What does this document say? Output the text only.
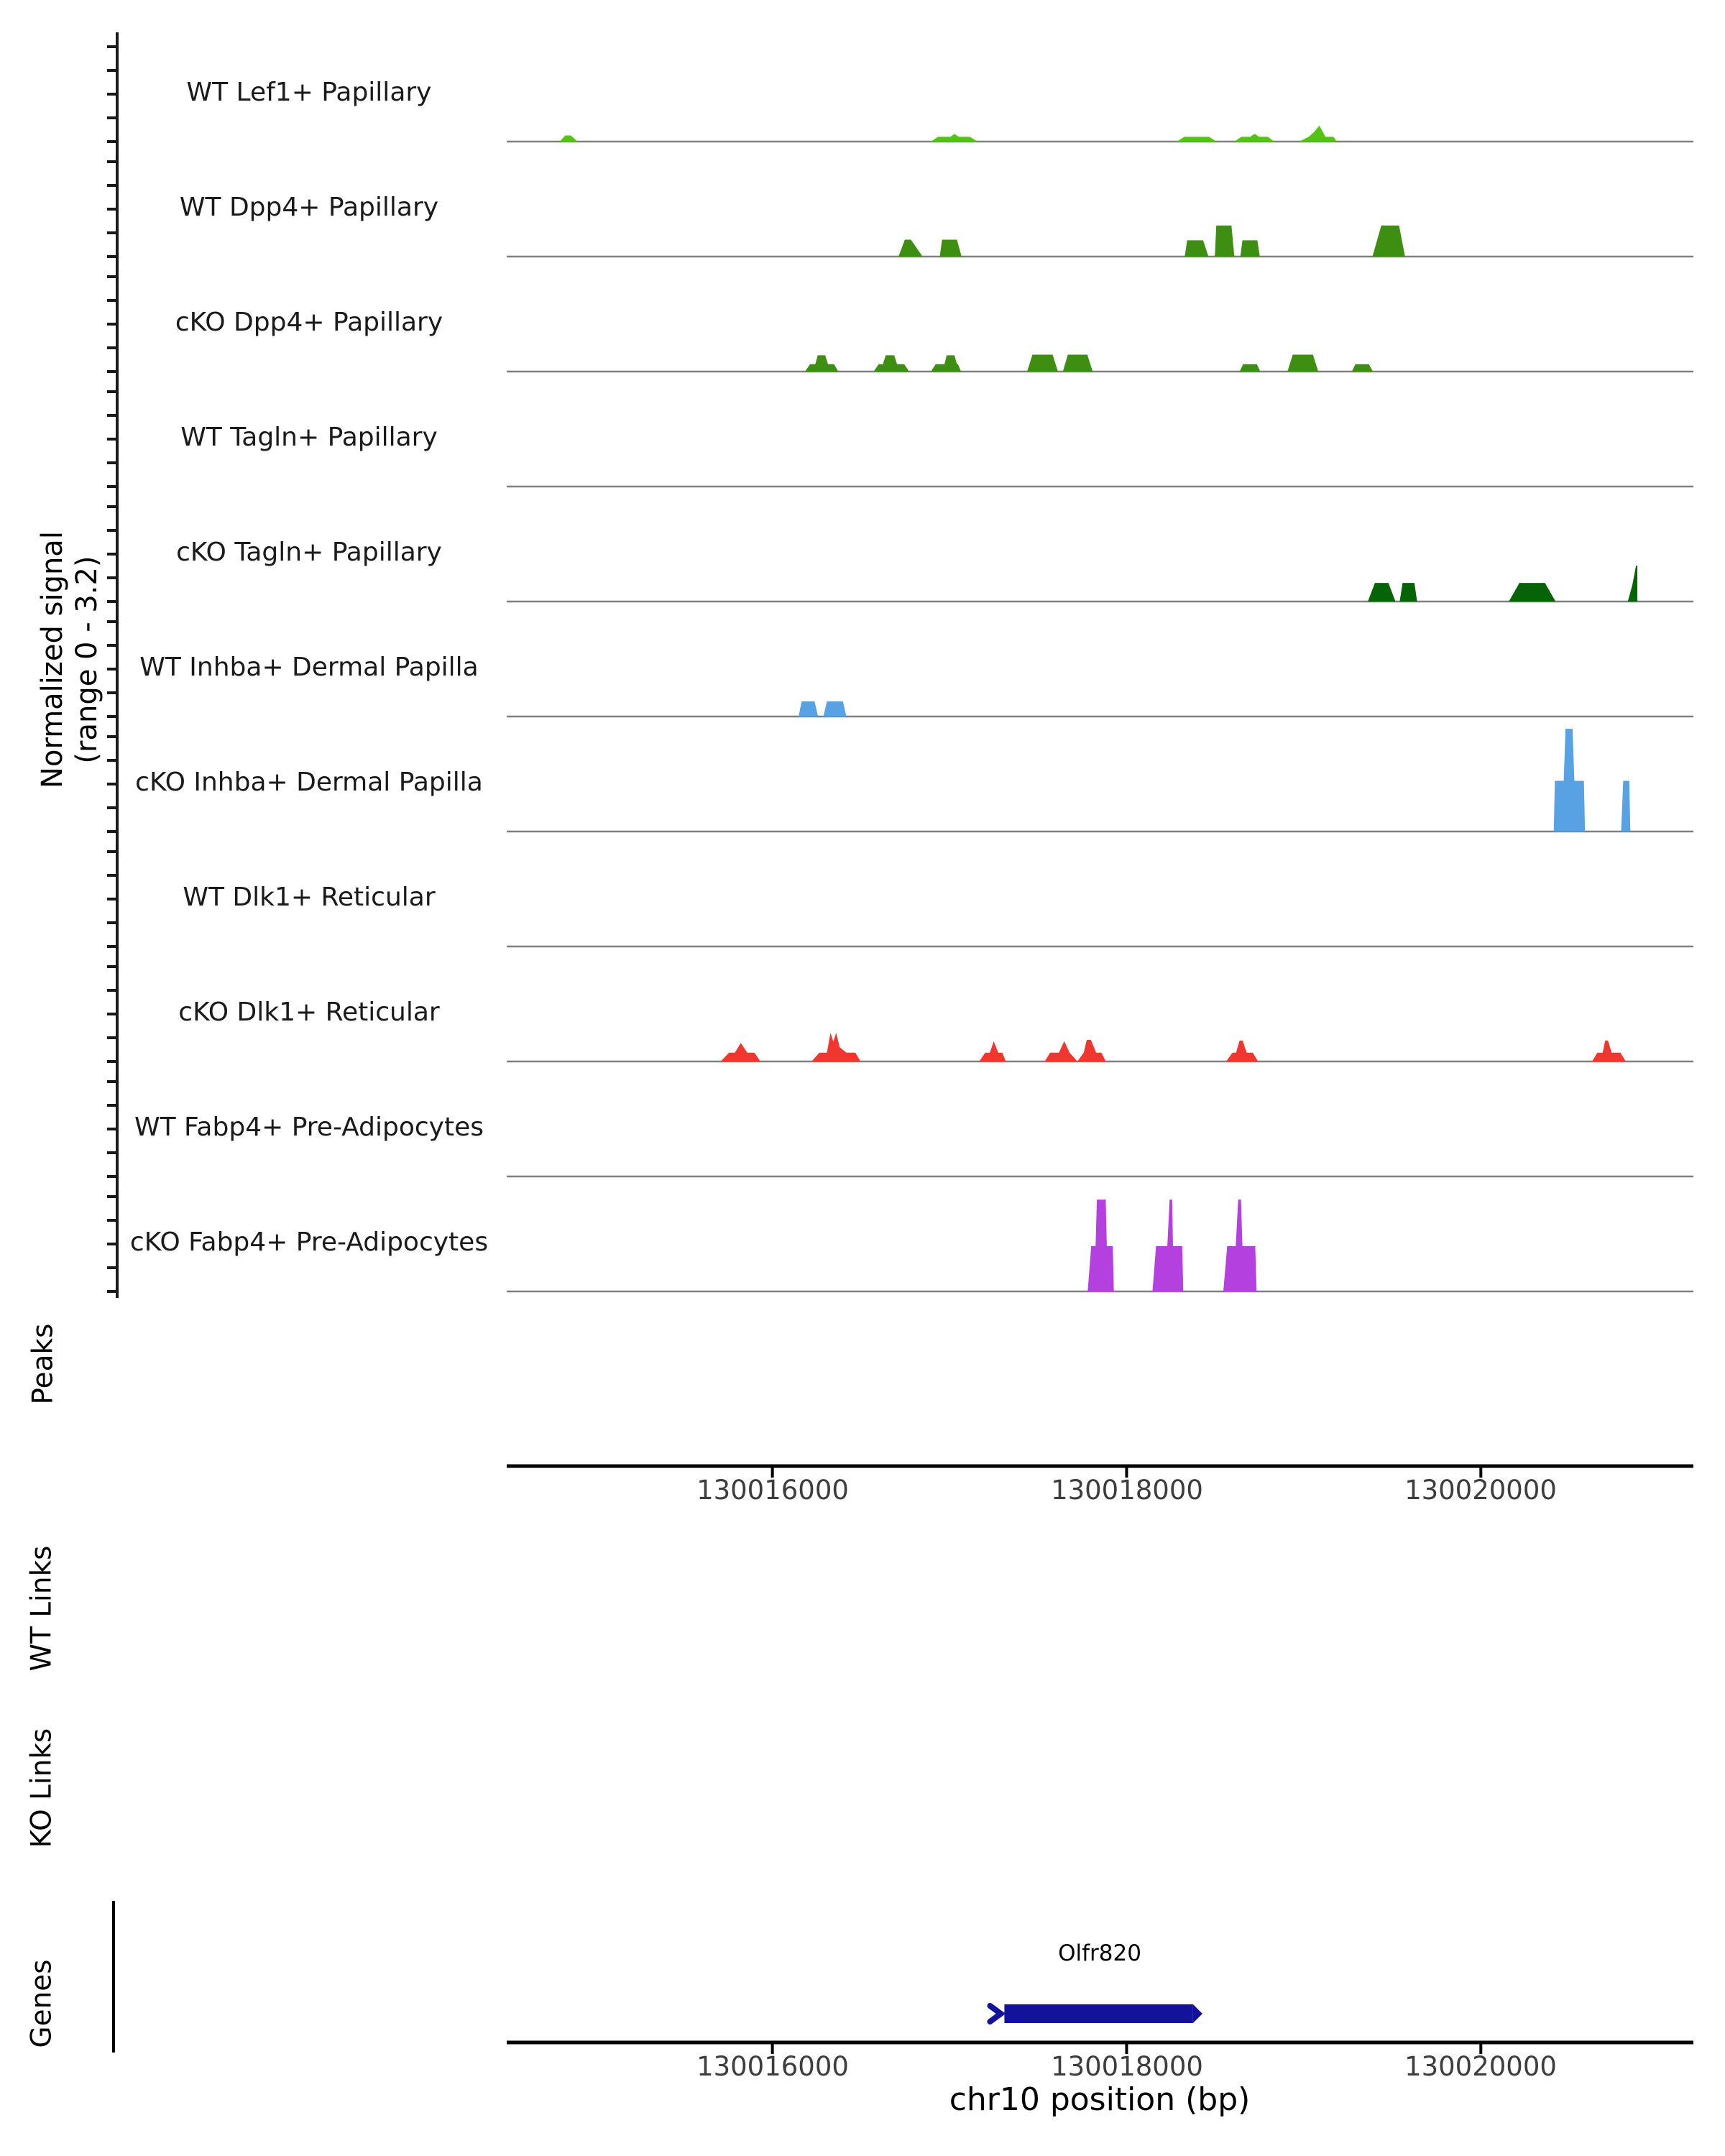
Normalized signal (range 0 - 3.2)
WT Lef1+ Papillary
WT Dpp4+ Papillary
cKO Dpp4+ Papillary
WT Tagln+ Papillary
cKO Tagln+ Papillary
WT Inhba+ Dermal Papilla
cKO Inhba+ Dermal Papilla
WT Dlk1+ Reticular
cKO Dlk1+ Reticular
WT Fabp4+ Pre-Adipocytes
cKO Fabp4+ Pre-Adipocytes
Peaks
WT Links
KO Links
Genes
130016000	130018000	130020000
Olfr820
130016000	130018000	130020000
chr10 position (bp)
